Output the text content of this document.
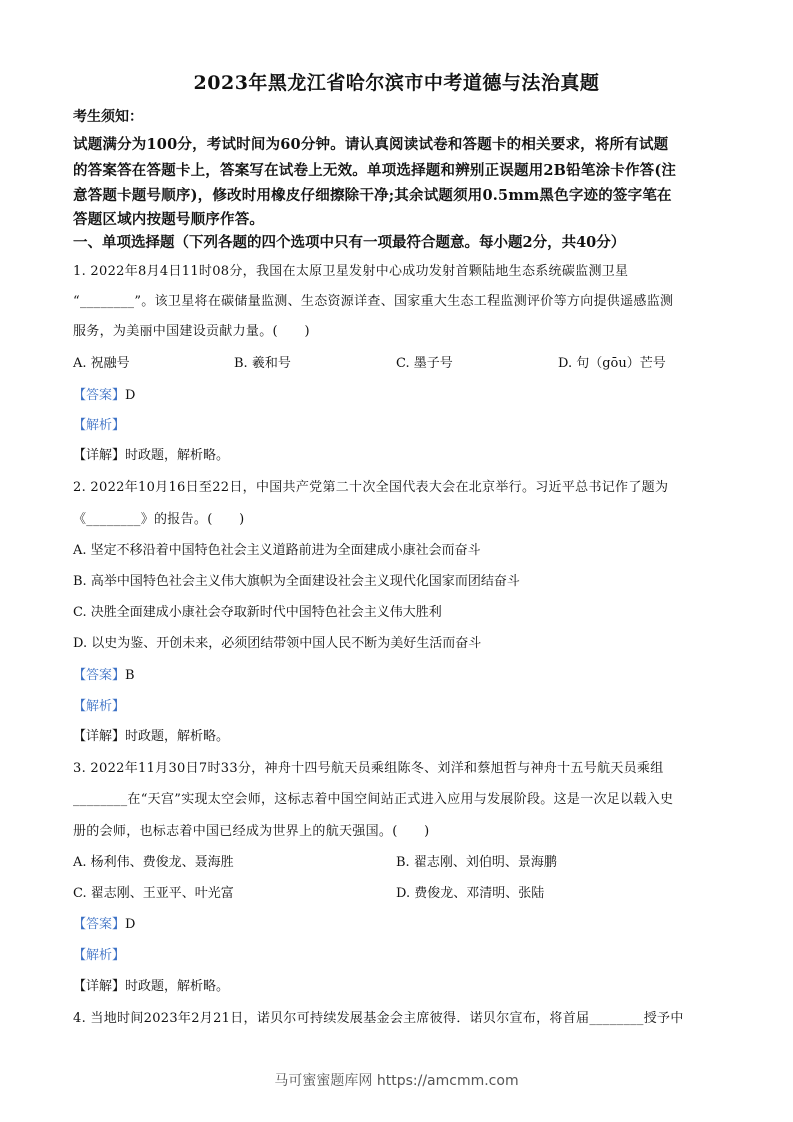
2023年黑龙江省哈尔滨市中考道德与法治真题
考生须知：
试题满分为100分，考试时间为60分钟。请认真阅读试卷和答题卡的相关要求，将所有试题
的答案答在答题卡上，答案写在试卷上无效。单项选择题和辨别正误题用2B铅笔涂卡作答(注
意答题卡题号顺序)，修改时用橡皮仔细擦除干净;其余试题须用0.5mm黑色字迹的签字笔在
答题区域内按题号顺序作答。
一、单项选择题（下列各题的四个选项中只有一项最符合题意。每小题2分，共40分）
1. 2022年8月4日11时08分，我国在太原卫星发射中心成功发射首颗陆地生态系统碳监测卫星
“________”。该卫星将在碳储量监测、生态资源详查、国家重大生态工程监测评价等方向提供遥感监测
服务，为美丽中国建设贡献力量。(　　)
A. 祝融号	B. 羲和号	C. 墨子号	D. 句（gōu）芒号
【答案】D
【解析】
【详解】时政题，解析略。
2. 2022年10月16日至22日，中国共产党第二十次全国代表大会在北京举行。习近平总书记作了题为
《________》的报告。(　　)
A. 坚定不移沿着中国特色社会主义道路前进为全面建成小康社会而奋斗
B. 高举中国特色社会主义伟大旗帜为全面建设社会主义现代化国家而团结奋斗
C. 决胜全面建成小康社会夺取新时代中国特色社会主义伟大胜利
D. 以史为鉴、开创未来，必须团结带领中国人民不断为美好生活而奋斗
【答案】B
【解析】
【详解】时政题，解析略。
3. 2022年11月30日7时33分，神舟十四号航天员乘组陈冬、刘洋和蔡旭哲与神舟十五号航天员乘组
________在“天宫”实现太空会师，这标志着中国空间站正式进入应用与发展阶段。这是一次足以载入史
册的会师，也标志着中国已经成为世界上的航天强国。(　　)
A. 杨利伟、费俊龙、聂海胜	B. 翟志刚、刘伯明、景海鹏
C. 翟志刚、王亚平、叶光富	D. 费俊龙、邓清明、张陆
【答案】D
【解析】
【详解】时政题，解析略。
4. 当地时间2023年2月21日，诺贝尔可持续发展基金会主席彼得．诺贝尔宣布，将首届________授予中
马可蜜蜜题库网 https://amcmm.com
